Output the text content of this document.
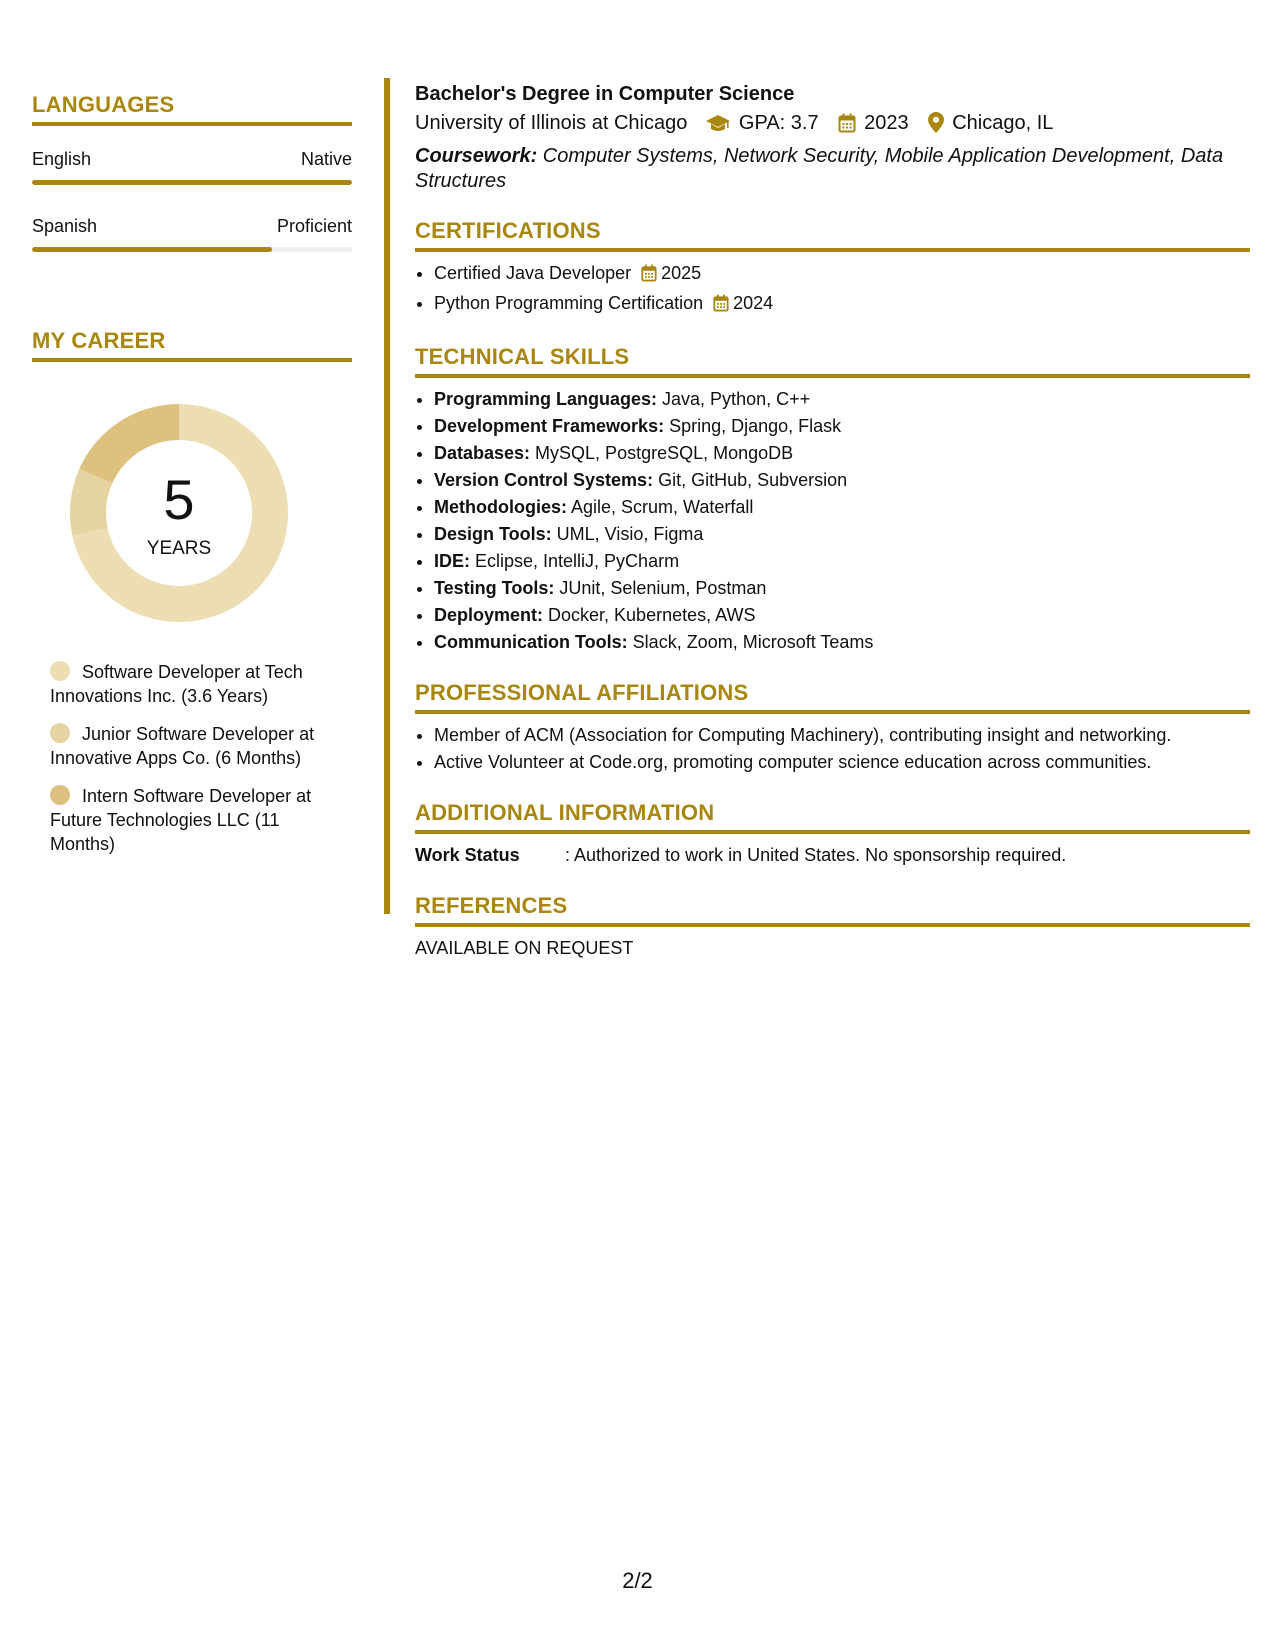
LANGUAGES
English	Native
Spanish	Proficient
MY CAREER
5
YEARS
Software Developer at Tech Innovations Inc. (3.6 Years)
Junior Software Developer at Innovative Apps Co. (6 Months)
Intern Software Developer at Future Technologies LLC (11 Months)
Bachelor's Degree in Computer Science
University of Illinois at Chicago	GPA: 3.7 2023 Chicago, IL
Coursework: Computer Systems, Network Security, Mobile Application Development, Data Structures
CERTIFICATIONS
• Certified Java Developer 2025
• Python Programming Certification 2024
TECHNICAL SKILLS
• Programming Languages: Java, Python, C++
• Development Frameworks: Spring, Django, Flask
• Databases: MySQL, PostgreSQL, MongoDB
• Version Control Systems: Git, GitHub, Subversion
• Methodologies: Agile, Scrum, Waterfall
• Design Tools: UML, Visio, Figma
• IDE: Eclipse, IntelliJ, PyCharm
• Testing Tools: JUnit, Selenium, Postman
• Deployment: Docker, Kubernetes, AWS
• Communication Tools: Slack, Zoom, Microsoft Teams
PROFESSIONAL AFFILIATIONS
• Member of ACM (Association for Computing Machinery), contributing insight and networking.
• Active Volunteer at Code.org, promoting computer science education across communities.
ADDITIONAL INFORMATION
Work Status	: Authorized to work in United States. No sponsorship required.
REFERENCES
AVAILABLE ON REQUEST
2/2
